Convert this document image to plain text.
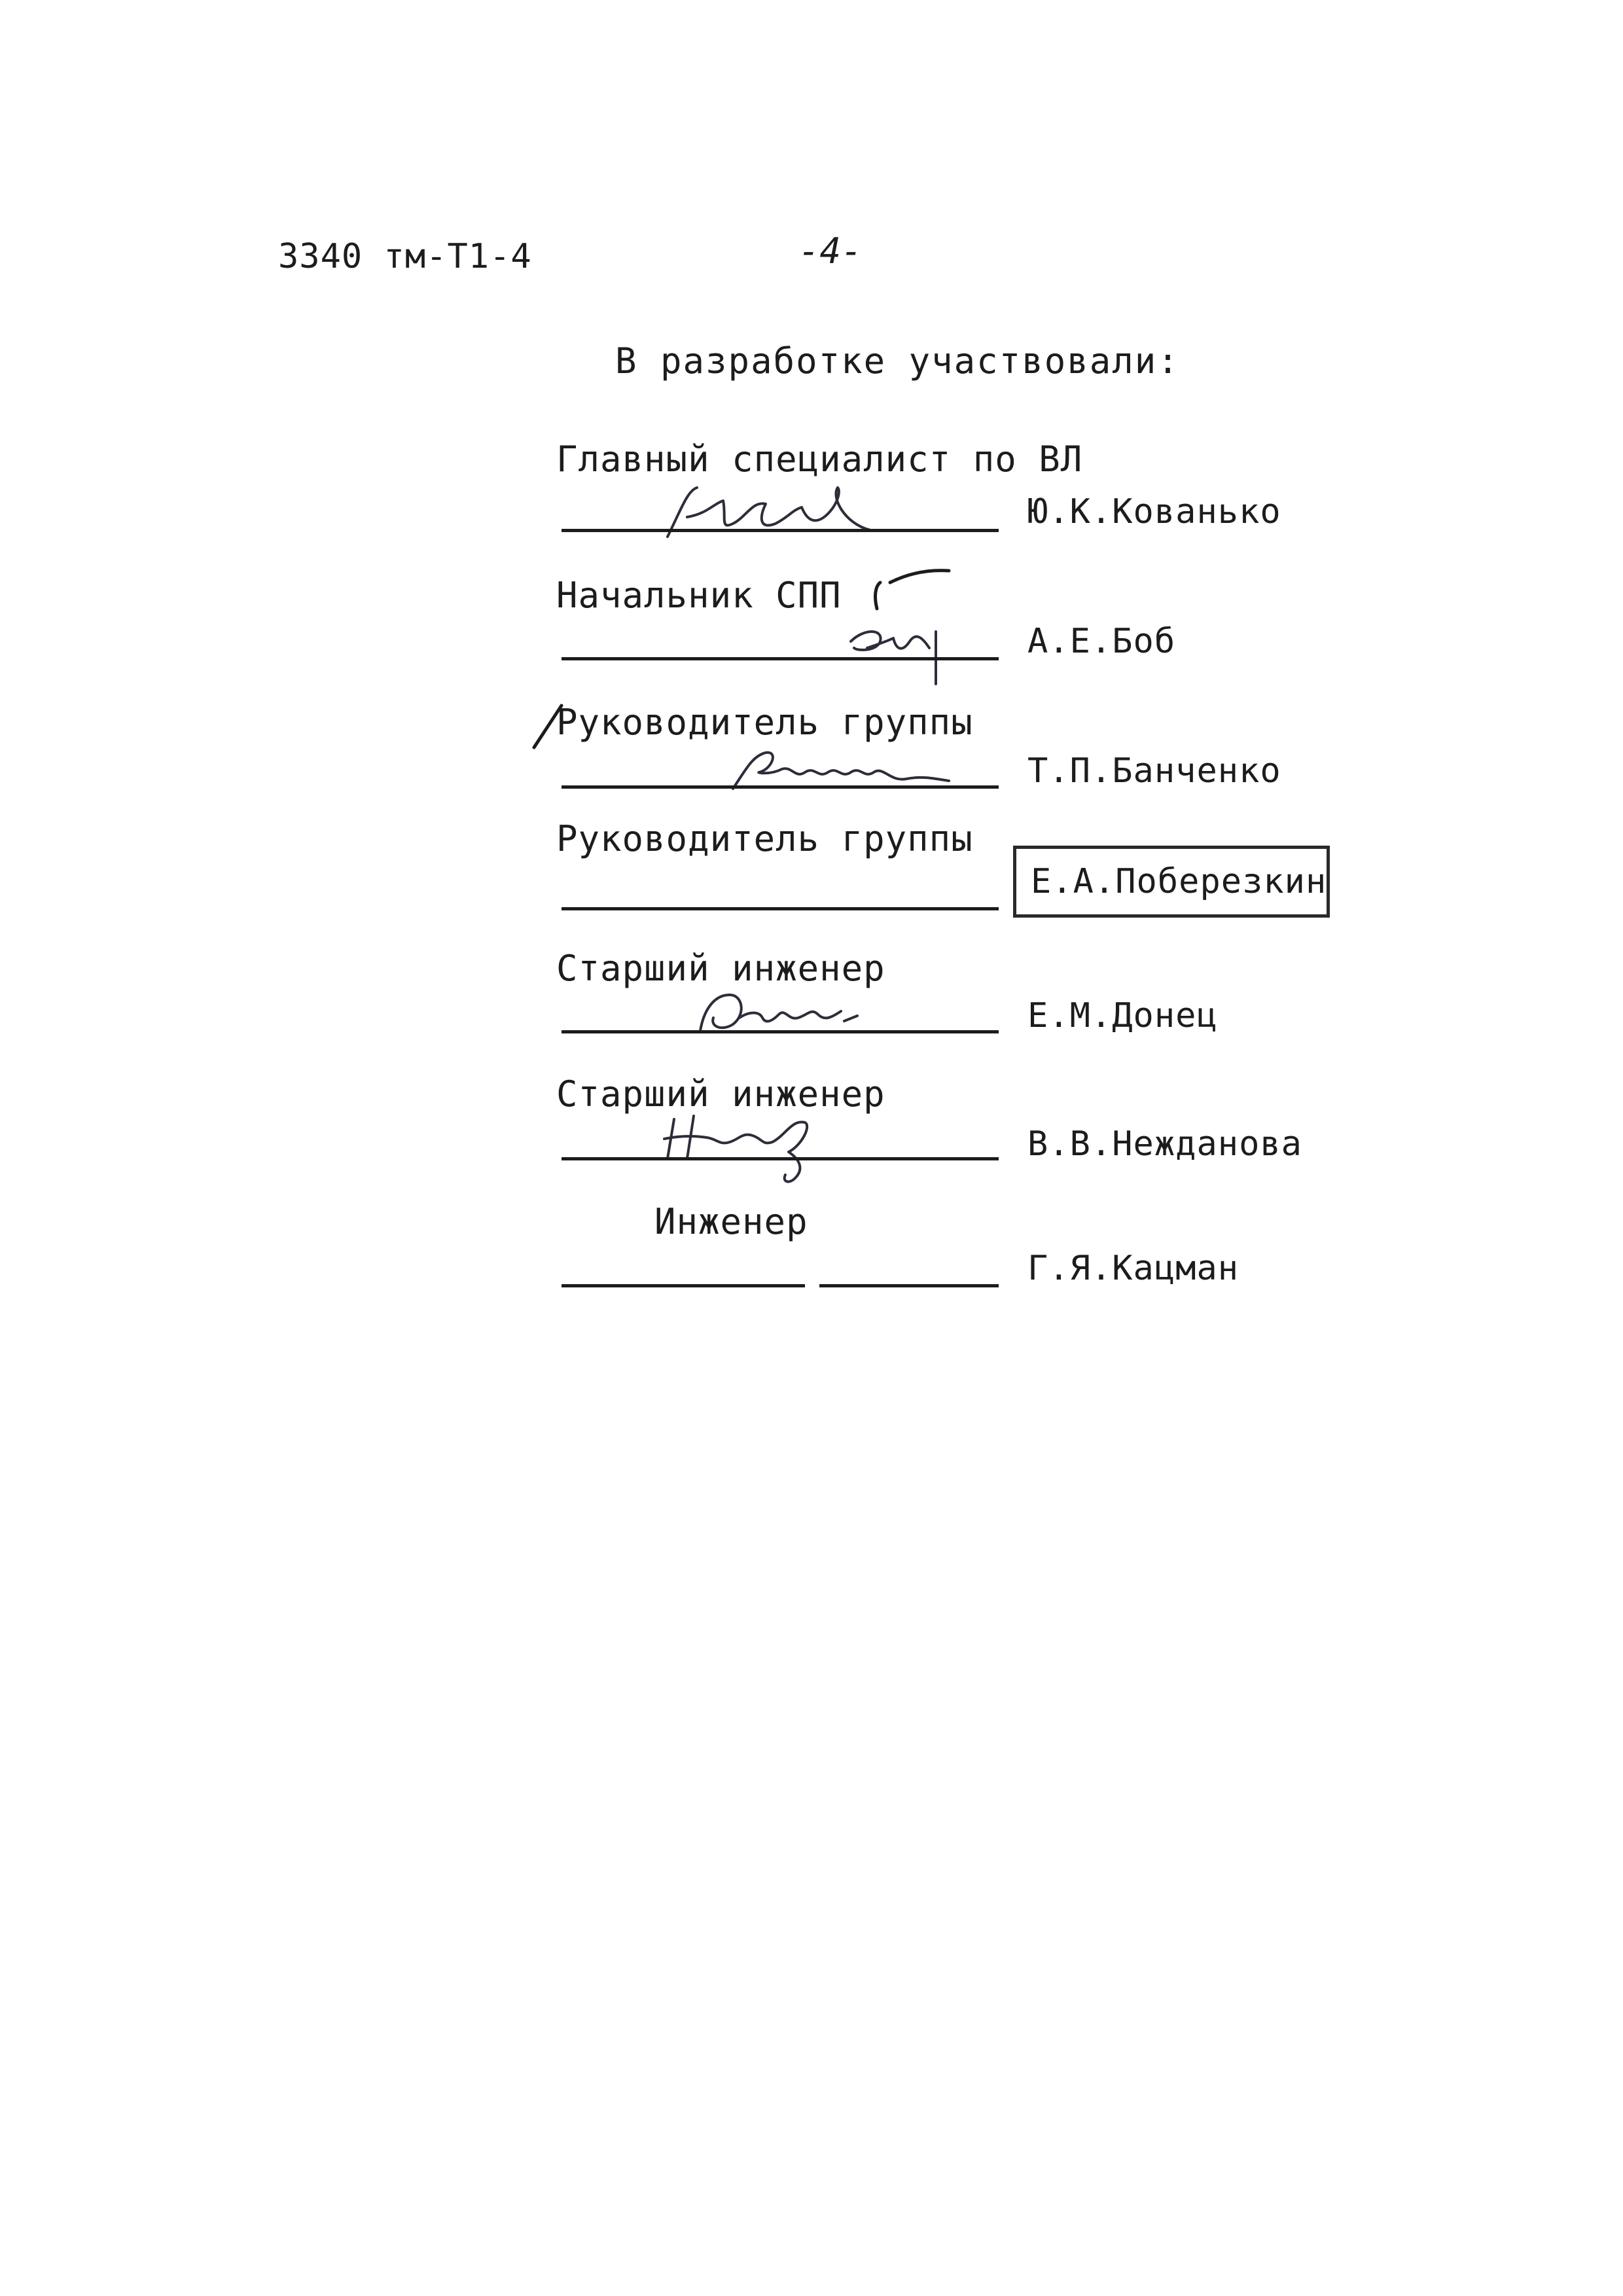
3340 тм-Т1-4	-4-
В разработке участвовали:
Главный специалист по ВЛ
Ю.К.Кованько
Начальник СПП
А.Е.Боб
Руководитель группы
Т.П.Банченко
Руководитель группы
Е.А.Поберезкин
Старший инженер
Е.М.Донец
Старший инженер
В.В.Нежданова
Инженер
Г.Я.Кацман
